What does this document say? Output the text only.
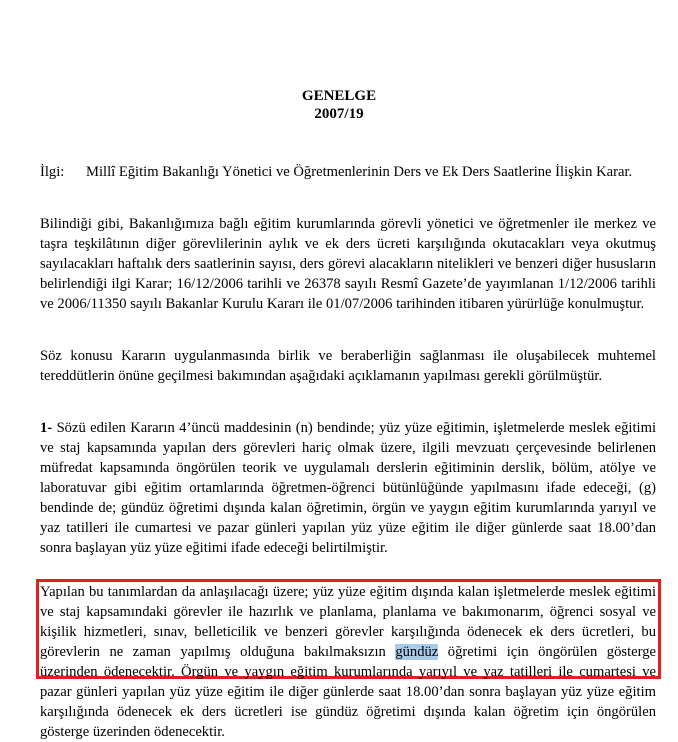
GENELGE
2007/19
İlgi: Millî Eğitim Bakanlığı Yönetici ve Öğretmenlerinin Ders ve Ek Ders Saatlerine İlişkin Karar.
Bilindiği gibi, Bakanlığımıza bağlı eğitim kurumlarında görevli yönetici ve öğretmenler ile merkez ve taşra teşkilâtının diğer görevlilerinin aylık ve ek ders ücreti karşılığında okutacakları veya okutmuş sayılacakları haftalık ders saatlerinin sayısı, ders görevi alacakların nitelikleri ve benzeri diğer hususların belirlendiği ilgi Karar; 16/12/2006 tarihli ve 26378 sayılı Resmî Gazete’de yayımlanan 1/12/2006 tarihli ve 2006/11350 sayılı Bakanlar Kurulu Kararı ile 01/07/2006 tarihinden itibaren yürürlüğe konulmuştur.
Söz konusu Kararın uygulanmasında birlik ve beraberliğin sağlanması ile oluşabilecek muhtemel tereddütlerin önüne geçilmesi bakımından aşağıdaki açıklamanın yapılması gerekli görülmüştür.
1- Sözü edilen Kararın 4’üncü maddesinin (n) bendinde; yüz yüze eğitimin, işletmelerde meslek eğitimi ve staj kapsamında yapılan ders görevleri hariç olmak üzere, ilgili mevzuatı çerçevesinde belirlenen müfredat kapsamında öngörülen teorik ve uygulamalı derslerin eğitiminin derslik, bölüm, atölye ve laboratuvar gibi eğitim ortamlarında öğretmen-öğrenci bütünlüğünde yapılmasını ifade edeceği, (g) bendinde de; gündüz öğretimi dışında kalan öğretimin, örgün ve yaygın eğitim kurumlarında yarıyıl ve yaz tatilleri ile cumartesi ve pazar günleri yapılan yüz yüze eğitim ile diğer günlerde saat 18.00’dan sonra başlayan yüz yüze eğitimi ifade edeceği belirtilmiştir.
Yapılan bu tanımlardan da anlaşılacağı üzere; yüz yüze eğitim dışında kalan işletmelerde meslek eğitimi ve staj kapsamındaki görevler ile hazırlık ve planlama, planlama ve bakımonarım, öğrenci sosyal ve kişilik hizmetleri, sınav, belleticilik ve benzeri görevler karşılığında ödenecek ek ders ücretleri, bu görevlerin ne zaman yapılmış olduğuna bakılmaksızın gündüz öğretimi için öngörülen gösterge üzerinden ödenecektir. Örgün ve yaygın eğitim kurumlarında yarıyıl ve yaz tatilleri ile cumartesi ve pazar günleri yapılan yüz yüze eğitim ile diğer günlerde saat 18.00’dan sonra başlayan yüz yüze eğitim karşılığında ödenecek ek ders ücretleri ise gündüz öğretimi dışında kalan öğretim için öngörülen gösterge üzerinden ödenecektir.
